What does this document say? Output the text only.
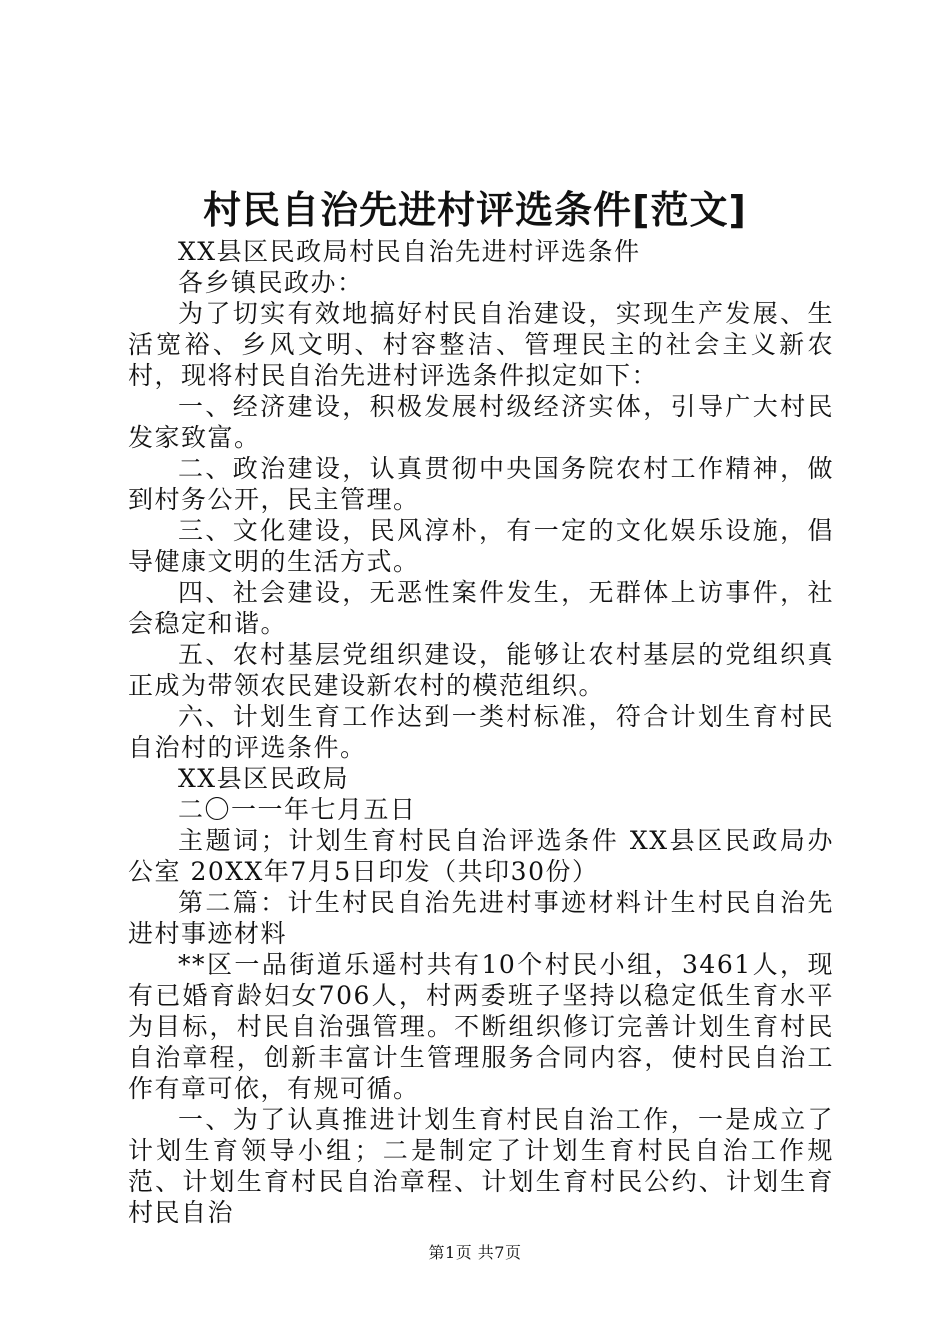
村民自治先进村评选条件[范文]

XX县区民政局村民自治先进村评选条件

各乡镇民政办：

为了切实有效地搞好村民自治建设，实现生产发展、生活宽裕、乡风文明、村容整洁、管理民主的社会主义新农村，现将村民自治先进村评选条件拟定如下：

一、经济建设，积极发展村级经济实体，引导广大村民发家致富。

二、政治建设，认真贯彻中央国务院农村工作精神，做到村务公开，民主管理。

三、文化建设，民风淳朴，有一定的文化娱乐设施，倡导健康文明的生活方式。

四、社会建设，无恶性案件发生，无群体上访事件，社会稳定和谐。

五、农村基层党组织建设，能够让农村基层的党组织真正成为带领农民建设新农村的模范组织。

六、计划生育工作达到一类村标准，符合计划生育村民自治村的评选条件。

XX县区民政局

二〇一一年七月五日

主题词；计划生育村民自治评选条件 XX县区民政局办公室 20XX年7月5日印发（共印30份）

第二篇：计生村民自治先进村事迹材料计生村民自治先进村事迹材料

**区一品街道乐遥村共有10个村民小组，3461人，现有已婚育龄妇女706人，村两委班子坚持以稳定低生育水平为目标，村民自治强管理。不断组织修订完善计划生育村民自治章程，创新丰富计生管理服务合同内容，使村民自治工作有章可依，有规可循。

一、为了认真推进计划生育村民自治工作，一是成立了计划生育领导小组；二是制定了计划生育村民自治工作规范、计划生育村民自治章程、计划生育村民公约、计划生育村民自治

第1页 共7页
